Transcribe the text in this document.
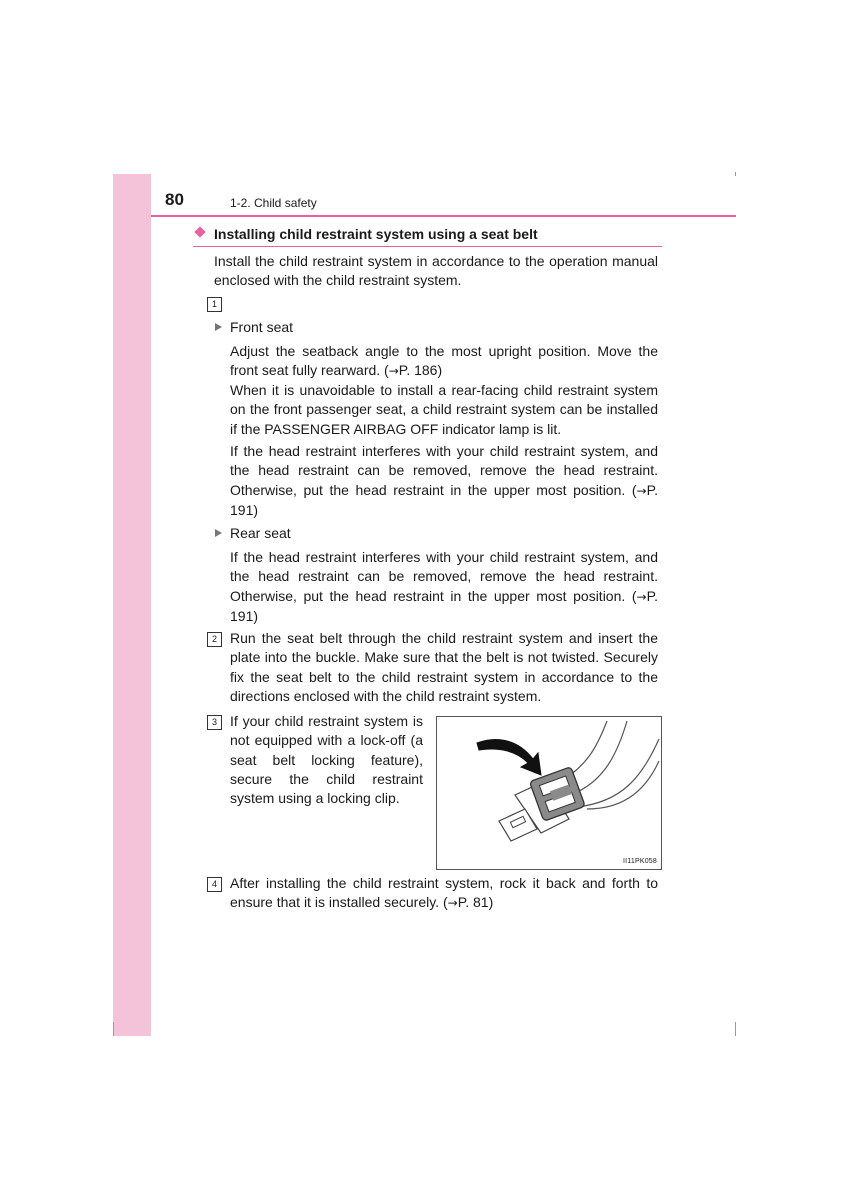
80	1-2. Child safety
Installing child restraint system using a seat belt
Install the child restraint system in accordance to the operation manual enclosed with the child restraint system.
1
Front seat
Adjust the seatback angle to the most upright position. Move the front seat fully rearward. (→P. 186)
When it is unavoidable to install a rear-facing child restraint system on the front passenger seat, a child restraint system can be installed if the PASSENGER AIRBAG OFF indicator lamp is lit.
If the head restraint interferes with your child restraint system, and the head restraint can be removed, remove the head restraint. Otherwise, put the head restraint in the upper most position. (→P. 191)
Rear seat
If the head restraint interferes with your child restraint system, and the head restraint can be removed, remove the head restraint. Otherwise, put the head restraint in the upper most position. (→P. 191)
2 Run the seat belt through the child restraint system and insert the plate into the buckle. Make sure that the belt is not twisted. Securely fix the seat belt to the child restraint system in accordance to the directions enclosed with the child restraint system.
3 If your child restraint system is not equipped with a lock-off (a seat belt locking feature), secure the child restraint system using a locking clip.
II11PK058
4 After installing the child restraint system, rock it back and forth to ensure that it is installed securely. (→P. 81)
